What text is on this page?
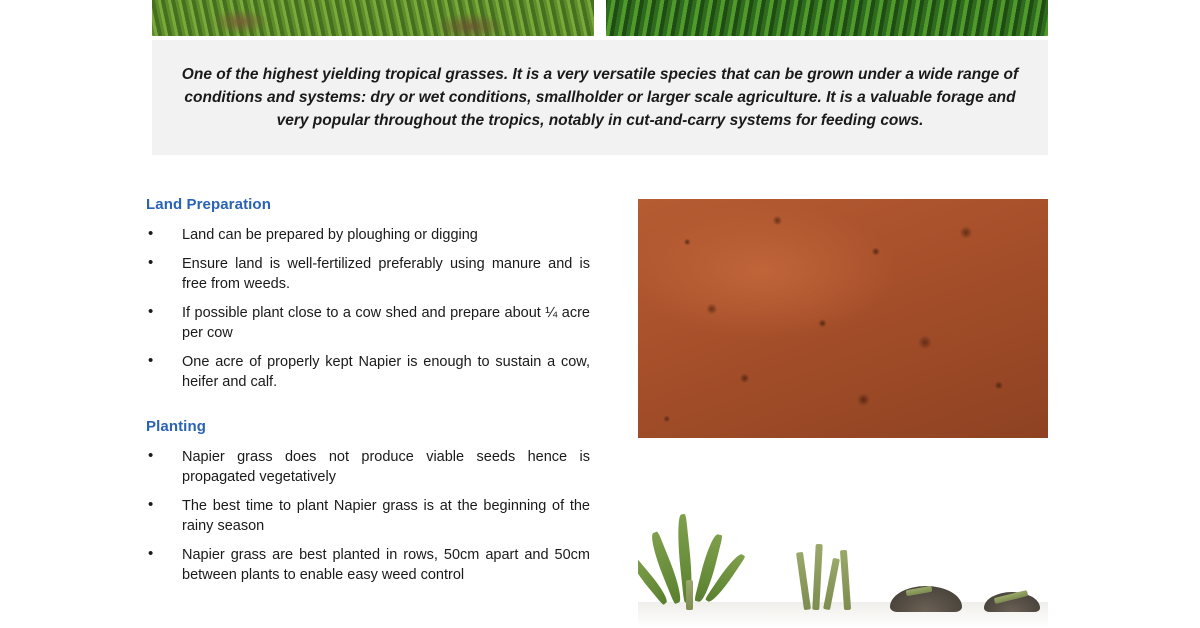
One of the highest yielding tropical grasses. It is a very versatile species that can be grown under a wide range of conditions and systems: dry or wet conditions, smallholder or larger scale agriculture. It is a valuable forage and very popular throughout the tropics, notably in cut-and-carry systems for feeding cows.

Land Preparation
• Land can be prepared by ploughing or digging
• Ensure land is well-fertilized preferably using manure and is free from weeds.
• If possible plant close to a cow shed and prepare about ¼ acre per cow
• One acre of properly kept Napier is enough to sustain a cow, heifer and calf.
Planting
• Napier grass does not produce viable seeds hence is propagated vegetatively
• The best time to plant Napier grass is at the beginning of the rainy season
• Napier grass are best planted in rows, 50cm apart and 50cm between plants to enable easy weed control
